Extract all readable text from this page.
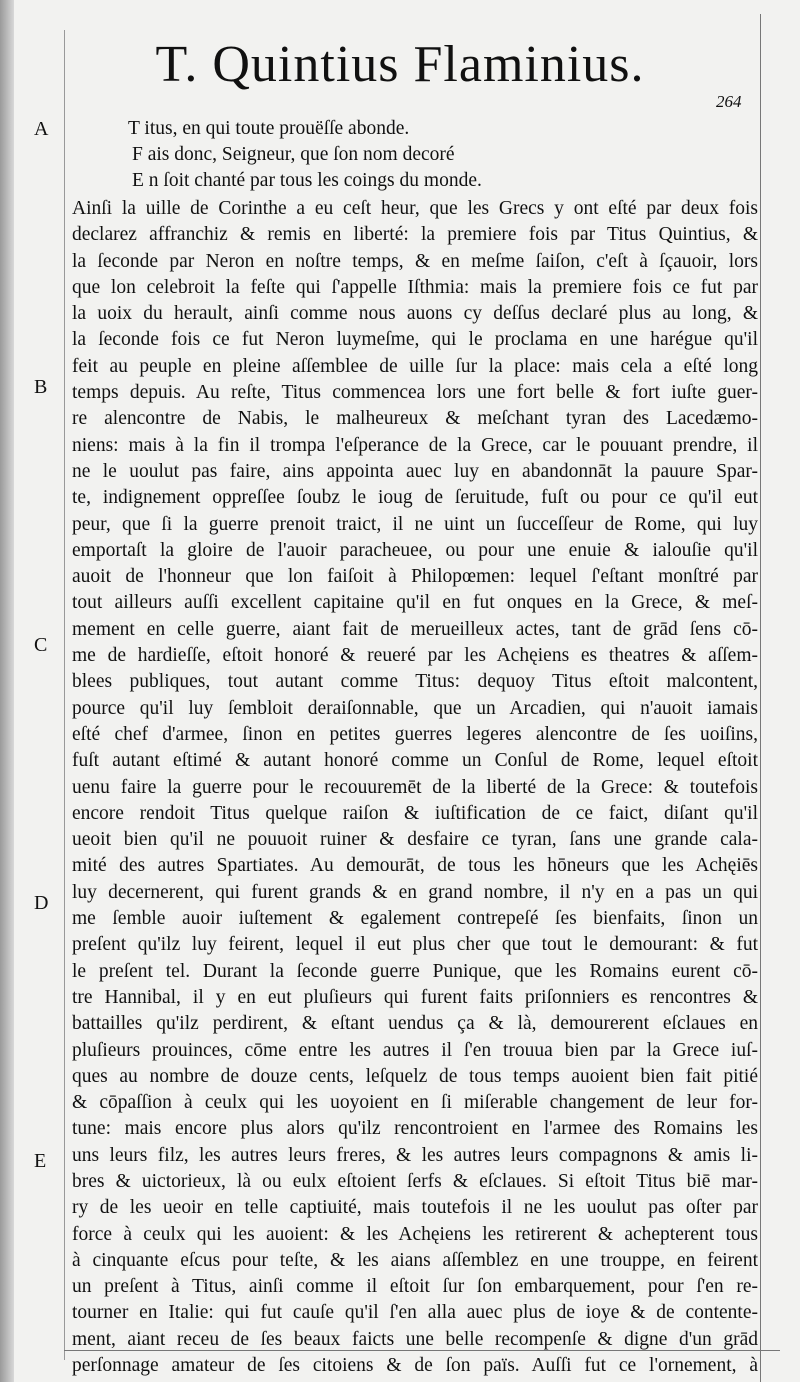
T. Quintius Flaminius.
264
A
B
C
D
E
T itus, en qui toute prouëſſe abonde.
F ais donc, Seigneur, que ſon nom decoré
E n ſoit chanté par tous les coings du monde.
Ainſi la uille de Corinthe a eu ceſt heur, que les Grecs y ont eſté par deux fois
declarez affranchiz & remis en liberté: la premiere fois par Titus Quintius, &
la ſeconde par Neron en noſtre temps, & en meſme ſaiſon, c'eſt à ſçauoir, lors
que lon celebroit la feſte qui ſ'appelle Iſthmia: mais la premiere fois ce fut par
la uoix du herault, ainſi comme nous auons cy deſſus declaré plus au long, &
la ſeconde fois ce fut Neron luymeſme, qui le proclama en une harégue qu'il
feit au peuple en pleine aſſemblee de uille ſur la place: mais cela a eſté long
temps depuis. Au reſte, Titus commencea lors une fort belle & fort iuſte guer-
re alencontre de Nabis, le malheureux & meſchant tyran des Lacedæmo-
niens: mais à la fin il trompa l'eſperance de la Grece, car le pouuant prendre, il
ne le uoulut pas faire, ains appointa auec luy en abandonnāt la pauure Spar-
te, indignement oppreſſee ſoubz le ioug de ſeruitude, fuſt ou pour ce qu'il eut
peur, que ſi la guerre prenoit traict, il ne uint un ſucceſſeur de Rome, qui luy
emportaſt la gloire de l'auoir paracheuee, ou pour une enuie & ialouſie qu'il
auoit de l'honneur que lon faiſoit à Philopœmen: lequel ſ'eſtant monſtré par
tout ailleurs auſſi excellent capitaine qu'il en fut onques en la Grece, & meſ-
mement en celle guerre, aiant fait de merueilleux actes, tant de grād ſens cō-
me de hardieſſe, eſtoit honoré & reueré par les Achęiens es theatres & aſſem-
blees publiques, tout autant comme Titus: dequoy Titus eſtoit malcontent,
pource qu'il luy ſembloit deraiſonnable, que un Arcadien, qui n'auoit iamais
eſté chef d'armee, ſinon en petites guerres legeres alencontre de ſes uoiſins,
fuſt autant eſtimé & autant honoré comme un Conſul de Rome, lequel eſtoit
uenu faire la guerre pour le recouuremēt de la liberté de la Grece: & toutefois
encore rendoit Titus quelque raiſon & iuſtification de ce faict, diſant qu'il
ueoit bien qu'il ne pouuoit ruiner & desfaire ce tyran, ſans une grande cala-
mité des autres Spartiates. Au demourāt, de tous les hōneurs que les Achęiēs
luy decernerent, qui furent grands & en grand nombre, il n'y en a pas un qui
me ſemble auoir iuſtement & egalement contrepeſé ſes bienfaits, ſinon un
preſent qu'ilz luy feirent, lequel il eut plus cher que tout le demourant: & fut
le preſent tel. Durant la ſeconde guerre Punique, que les Romains eurent cō-
tre Hannibal, il y en eut pluſieurs qui furent faits priſonniers es rencontres &
battailles qu'ilz perdirent, & eſtant uendus ça & là, demourerent eſclaues en
pluſieurs prouinces, cōme entre les autres il ſ'en trouua bien par la Grece iuſ-
ques au nombre de douze cents, leſquelz de tous temps auoient bien fait pitié
& cōpaſſion à ceulx qui les uoyoient en ſi miſerable changement de leur for-
tune: mais encore plus alors qu'ilz rencontroient en l'armee des Romains les
uns leurs filz, les autres leurs freres, & les autres leurs compagnons & amis li-
bres & uictorieux, là ou eulx eſtoient ſerfs & eſclaues. Si eſtoit Titus biē mar-
ry de les ueoir en telle captiuité, mais toutefois il ne les uoulut pas oſter par
force à ceulx qui les auoient: & les Achęiens les retirerent & achepterent tous
à cinquante eſcus pour teſte, & les aians aſſemblez en une trouppe, en feirent
un preſent à Titus, ainſi comme il eſtoit ſur ſon embarquement, pour ſ'en re-
tourner en Italie: qui fut cauſe qu'il ſ'en alla auec plus de ioye & de contente-
ment, aiant receu de ſes beaux faicts une belle recompenſe & digne d'un grād
perſonnage amateur de ſes citoiens & de ſon païs. Auſſi fut ce l'ornement, à
